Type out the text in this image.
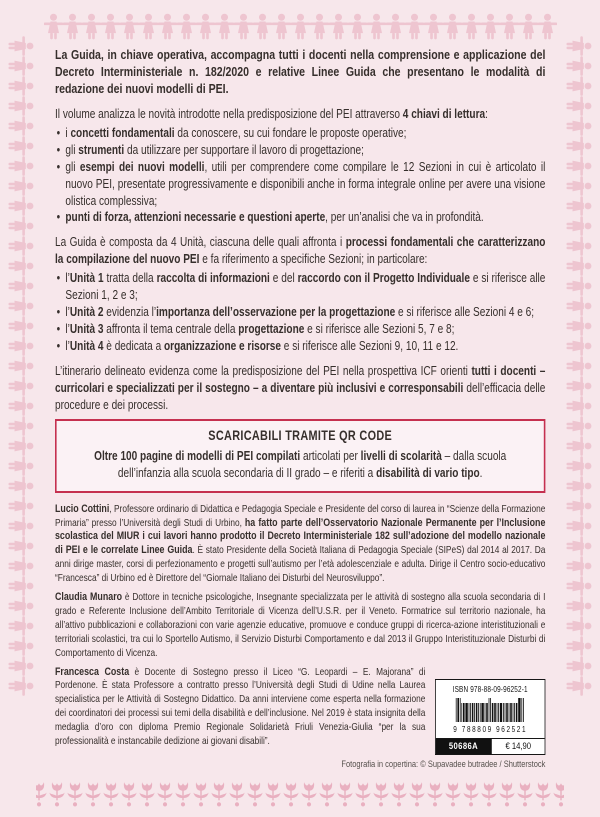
La Guida, in chiave operativa, accompagna tutti i docenti nella comprensione e applicazione del Decreto Interministeriale n. 182/2020 e relative Linee Guida che presentano le modalità di redazione dei nuovi modelli di PEI.

Il volume analizza le novità introdotte nella predisposizione del PEI attraverso 4 chiavi di lettura:

• i concetti fondamentali da conoscere, su cui fondare le proposte operative;
• gli strumenti da utilizzare per supportare il lavoro di progettazione;
• gli esempi dei nuovi modelli, utili per comprendere come compilare le 12 Sezioni in cui è articolato il nuovo PEI, presentate progressivamente e disponibili anche in forma integrale online per avere una visione olistica complessiva;
• punti di forza, attenzioni necessarie e questioni aperte, per un’analisi che va in profondità.

La Guida è composta da 4 Unità, ciascuna delle quali affronta i processi fondamentali che caratterizzano la compilazione del nuovo PEI e fa riferimento a specifiche Sezioni; in particolare:

• l’Unità 1 tratta della raccolta di informazioni e del raccordo con il Progetto Individuale e si riferisce alle Sezioni 1, 2 e 3;
• l’Unità 2 evidenzia l’importanza dell’osservazione per la progettazione e si riferisce alle Sezioni 4 e 6;
• l’Unità 3 affronta il tema centrale della progettazione e si riferisce alle Sezioni 5, 7 e 8;
• l’Unità 4 è dedicata a organizzazione e risorse e si riferisce alle Sezioni 9, 10, 11 e 12.

L’itinerario delineato evidenza come la predisposizione del PEI nella prospettiva ICF orienti tutti i docenti – curricolari e specializzati per il sostegno – a diventare più inclusivi e corresponsabili dell’efficacia delle procedure e dei processi.

SCARICABILI TRAMITE QR CODE
Oltre 100 pagine di modelli di PEI compilati articolati per livelli di scolarità – dalla scuola dell’infanzia alla scuola secondaria di II grado – e riferiti a disabilità di vario tipo.

Lucio Cottini, Professore ordinario di Didattica e Pedagogia Speciale e Presidente del corso di laurea in “Scienze della Formazione Primaria” presso l’Università degli Studi di Urbino, ha fatto parte dell’Osservatorio Nazionale Permanente per l’Inclusione scolastica del MIUR i cui lavori hanno prodotto il Decreto Interministeriale 182 sull’adozione del modello nazionale di PEI e le correlate Linee Guida. È stato Presidente della Società Italiana di Pedagogia Speciale (SIPeS) dal 2014 al 2017. Da anni dirige master, corsi di perfezionamento e progetti sull’autismo per l’età adolescenziale e adulta. Dirige il Centro socio-educativo “Francesca” di Urbino ed è Direttore del “Giornale Italiano dei Disturbi del Neurosviluppo”.

Claudia Munaro è Dottore in tecniche psicologiche, Insegnante specializzata per le attività di sostegno alla scuola secondaria di I grado e Referente Inclusione dell’Ambito Territoriale di Vicenza dell’U.S.R. per il Veneto. Formatrice sul territorio nazionale, ha all’attivo pubblicazioni e collaborazioni con varie agenzie educative, promuove e conduce gruppi di ricerca-azione interistituzionali e territoriali scolastici, tra cui lo Sportello Autismo, il Servizio Disturbi Comportamento e dal 2013 il Gruppo Interistituzionale Disturbi di Comportamento di Vicenza.

ISBN 978-88-09-96252-1
9 788809 962521
50686A	€ 14,90
Francesca Costa è Docente di Sostegno presso il Liceo “G. Leopardi – E. Majorana” di Pordenone. È stata Professore a contratto presso l’Università degli Studi di Udine nella Laurea specialistica per le Attività di Sostegno Didattico. Da anni interviene come esperta nella formazione dei coordinatori dei processi sui temi della disabilità e dell’inclusione. Nel 2019 è stata insignita della medaglia d’oro con diploma Premio Regionale Solidarietà Friuli Venezia-Giulia “per la sua professionalità e instancabile dedizione ai giovani disabili”.
Fotografia in copertina: © Supavadee butradee / Shutterstock
